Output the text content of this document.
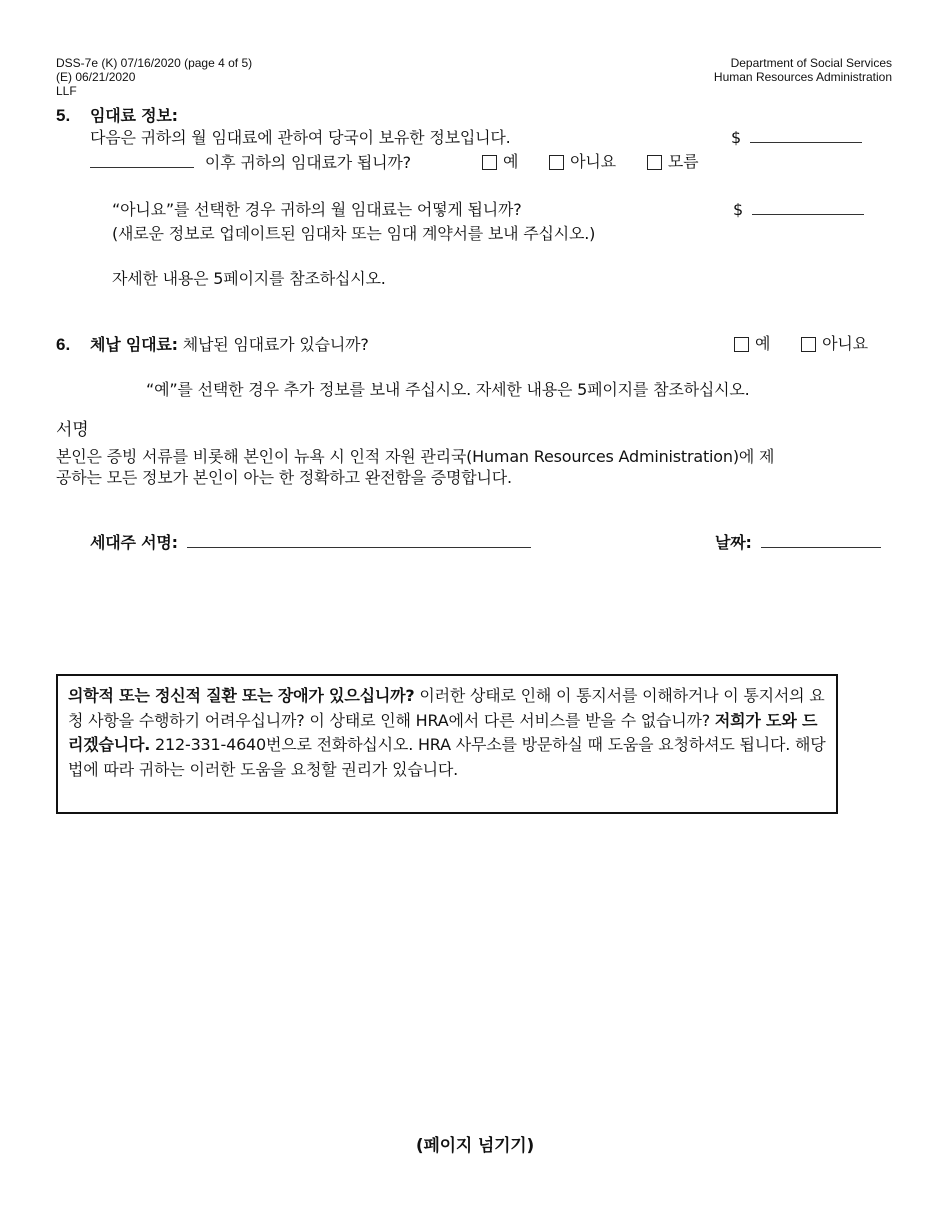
DSS-7e (K) 07/16/2020 (page 4 of 5)
(E) 06/21/2020
LLF
Department of Social Services
Human Resources Administration
5. 임대료 정보:
다음은 귀하의 월 임대료에 관하여 당국이 보유한 정보입니다.	$
이후 귀하의 임대료가 됩니까?	예
	아니요
	모름
“아니요”를 선택한 경우 귀하의 월 임대료는 어떻게 됩니까?	$
(새로운 정보로 업데이트된 임대차 또는 임대 계약서를 보내 주십시오.)
자세한 내용은 5페이지를 참조하십시오.
6. 체납 임대료: 체납된 임대료가 있습니까?	예
	아니요
“예”를 선택한 경우 추가 정보를 보내 주십시오. 자세한 내용은 5페이지를 참조하십시오.
서명
본인은 증빙 서류를 비롯해 본인이 뉴욕 시 인적 자원 관리국(Human Resources Administration)에 제
공하는 모든 정보가 본인이 아는 한 정확하고 완전함을 증명합니다.
세대주 서명:	날짜:

의학적 또는 정신적 질환 또는 장애가 있으십니까? 이러한 상태로 인해 이 통지서를 이해하거나 이 통지서의 요청 사항을 수행하기 어려우십니까? 이 상태로 인해 HRA에서 다른 서비스를 받을 수 없습니까? 저희가 도와 드리겠습니다. 212-331-4640번으로 전화하십시오. HRA 사무소를 방문하실 때 도움을 요청하셔도 됩니다. 해당 법에 따라 귀하는 이러한 도움을 요청할 권리가 있습니다.

(페이지 넘기기)
